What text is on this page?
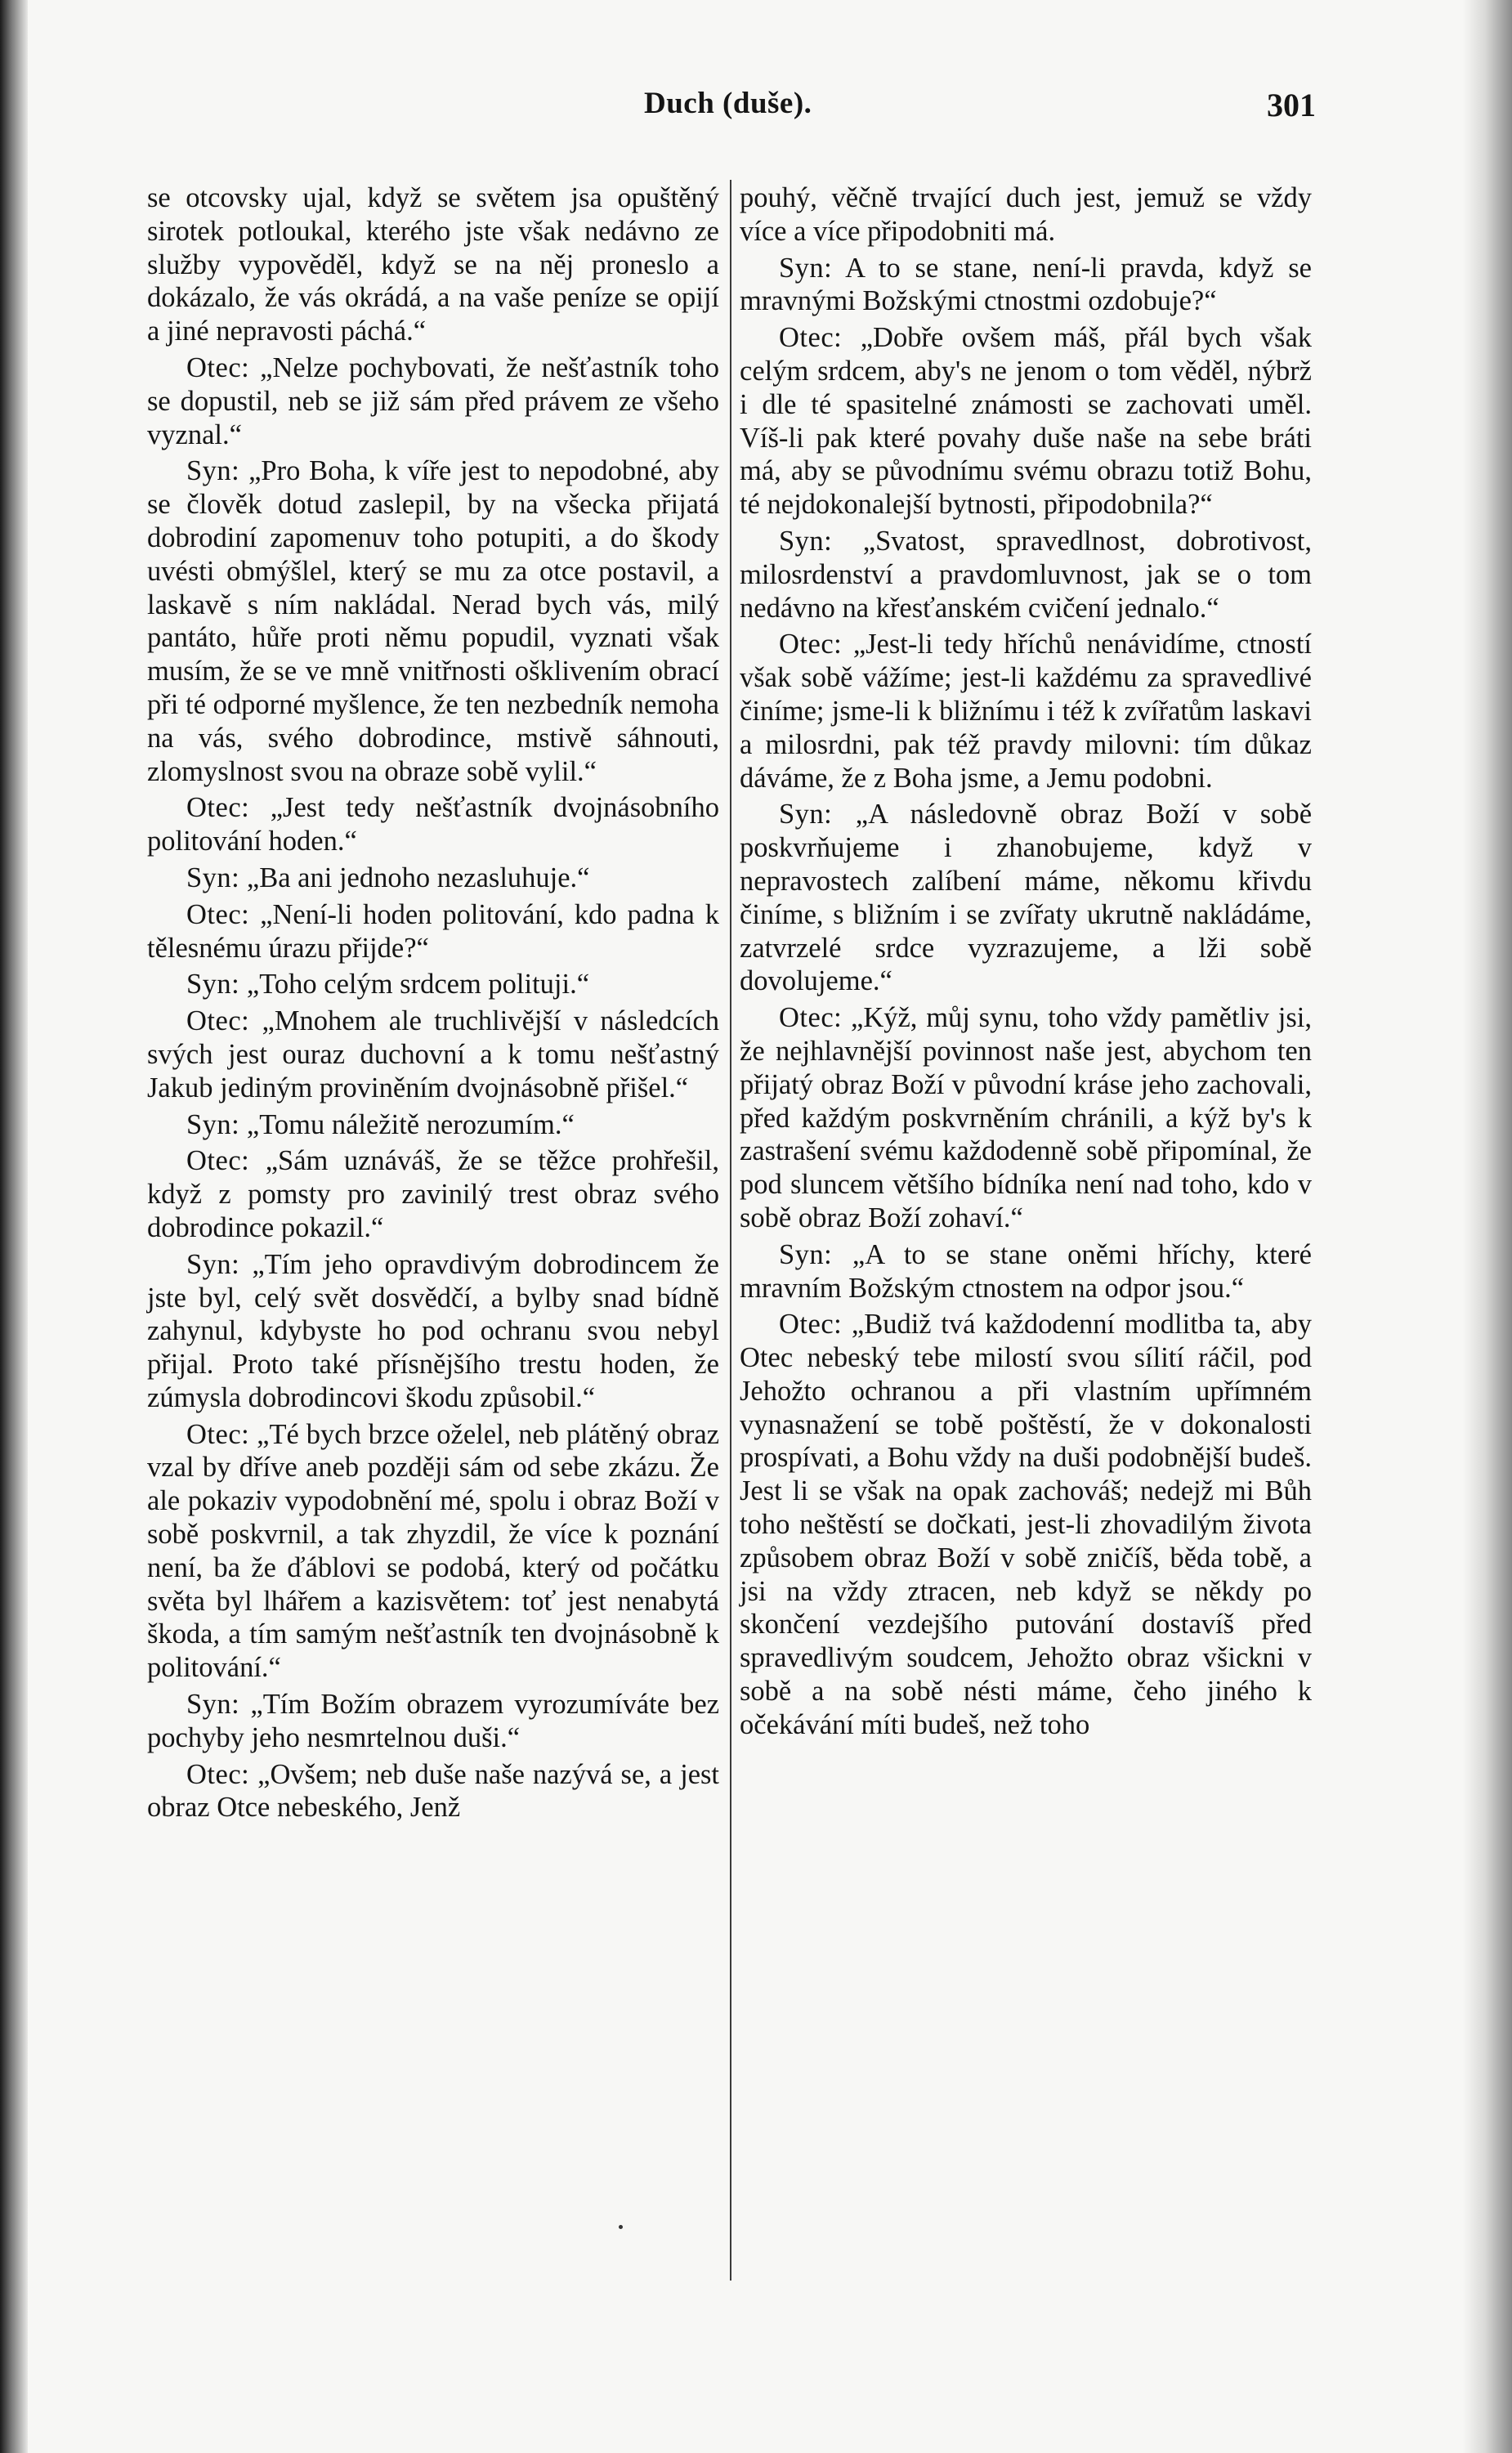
Duch (duše).	301

se otcovsky ujal, když se světem jsa opuštěný sirotek potloukal, kterého jste však nedávno ze služby vypověděl, když se na něj proneslo a dokázalo, že vás okrádá, a na vaše peníze se opijí a jiné nepravosti páchá.“

Otec: „Nelze pochybovati, že nešťastník toho se dopustil, neb se již sám před právem ze všeho vyznal.“

Syn: „Pro Boha, k víře jest to nepodobné, aby se člověk dotud zaslepil, by na všecka přijatá dobrodiní zapomenuv toho potupiti, a do škody uvésti obmýšlel, který se mu za otce postavil, a laskavě s ním nakládal. Nerad bych vás, milý pantáto, hůře proti němu popudil, vyznati však musím, že se ve mně vnitřnosti ošklivením obrací při té odporné myšlence, že ten nezbedník nemoha na vás, svého dobrodince, mstivě sáhnouti, zlomyslnost svou na obraze sobě vylil.“

Otec: „Jest tedy nešťastník dvojnásobního politování hoden.“

Syn: „Ba ani jednoho nezasluhuje.“

Otec: „Není-li hoden politování, kdo padna k tělesnému úrazu přijde?“

Syn: „Toho celým srdcem polituji.“

Otec: „Mnohem ale truchlivější v následcích svých jest ouraz duchovní a k tomu nešťastný Jakub jediným proviněním dvojnásobně přišel.“

Syn: „Tomu náležitě nerozumím.“

Otec: „Sám uznáváš, že se těžce prohřešil, když z pomsty pro zavinilý trest obraz svého dobrodince pokazil.“

Syn: „Tím jeho opravdivým dobrodincem že jste byl, celý svět dosvědčí, a bylby snad bídně zahynul, kdybyste ho pod ochranu svou nebyl přijal. Proto také přísnějšího trestu hoden, že zúmysla dobrodincovi škodu způsobil.“

Otec: „Té bych brzce oželel, neb plátěný obraz vzal by dříve aneb později sám od sebe zkázu. Že ale pokaziv vypodobnění mé, spolu i obraz Boží v sobě poskvrnil, a tak zhyzdil, že více k poznání není, ba že ďáblovi se podobá, který od počátku světa byl lhářem a kazisvětem: toť jest nenabytá škoda, a tím samým nešťastník ten dvojnásobně k politování.“

Syn: „Tím Božím obrazem vyrozumíváte bez pochyby jeho nesmrtelnou duši.“

Otec: „Ovšem; neb duše naše nazývá se, a jest obraz Otce nebeského, Jenž

pouhý, věčně trvající duch jest, jemuž se vždy více a více připodobniti má.

Syn: A to se stane, není-li pravda, když se mravnými Božskými ctnostmi ozdobuje?“

Otec: „Dobře ovšem máš, přál bych však celým srdcem, aby's ne jenom o tom věděl, nýbrž i dle té spasitelné známosti se zachovati uměl. Víš-li pak které povahy duše naše na sebe bráti má, aby se původnímu svému obrazu totiž Bohu, té nejdokonalejší bytnosti, připodobnila?“

Syn: „Svatost, spravedlnost, dobrotivost, milosrdenství a pravdomluvnost, jak se o tom nedávno na křesťanském cvičení jednalo.“

Otec: „Jest-li tedy hříchů nenávidíme, ctností však sobě vážíme; jest-li každému za spravedlivé činíme; jsme-li k bližnímu i též k zvířatům laskavi a milosrdni, pak též pravdy milovni: tím důkaz dáváme, že z Boha jsme, a Jemu podobni.

Syn: „A následovně obraz Boží v sobě poskvrňujeme i zhanobujeme, když v nepravostech zalíbení máme, někomu křivdu činíme, s bližním i se zvířaty ukrutně nakládáme, zatvrzelé srdce vyzrazujeme, a lži sobě dovolujeme.“

Otec: „Kýž, můj synu, toho vždy pamětliv jsi, že nejhlavnější povinnost naše jest, abychom ten přijatý obraz Boží v původní kráse jeho zachovali, před každým poskvrněním chránili, a kýž by's k zastrašení svému každodenně sobě připomínal, že pod sluncem většího bídníka není nad toho, kdo v sobě obraz Boží zohaví.“

Syn: „A to se stane oněmi hříchy, které mravním Božským ctnostem na odpor jsou.“

Otec: „Budiž tvá každodenní modlitba ta, aby Otec nebeský tebe milostí svou sílití ráčil, pod Jehožto ochranou a při vlastním upřímném vynasnažení se tobě poštěstí, že v dokonalosti prospívati, a Bohu vždy na duši podobnější budeš. Jest li se však na opak zachováš; nedejž mi Bůh toho neštěstí se dočkati, jest-li zhovadilým života způsobem obraz Boží v sobě zničíš, běda tobě, a jsi na vždy ztracen, neb když se někdy po skončení vezdejšího putování dostavíš před spravedlivým soudcem, Jehožto obraz všickni v sobě a na sobě nésti máme, čeho jiného k očekávání míti budeš, než toho
